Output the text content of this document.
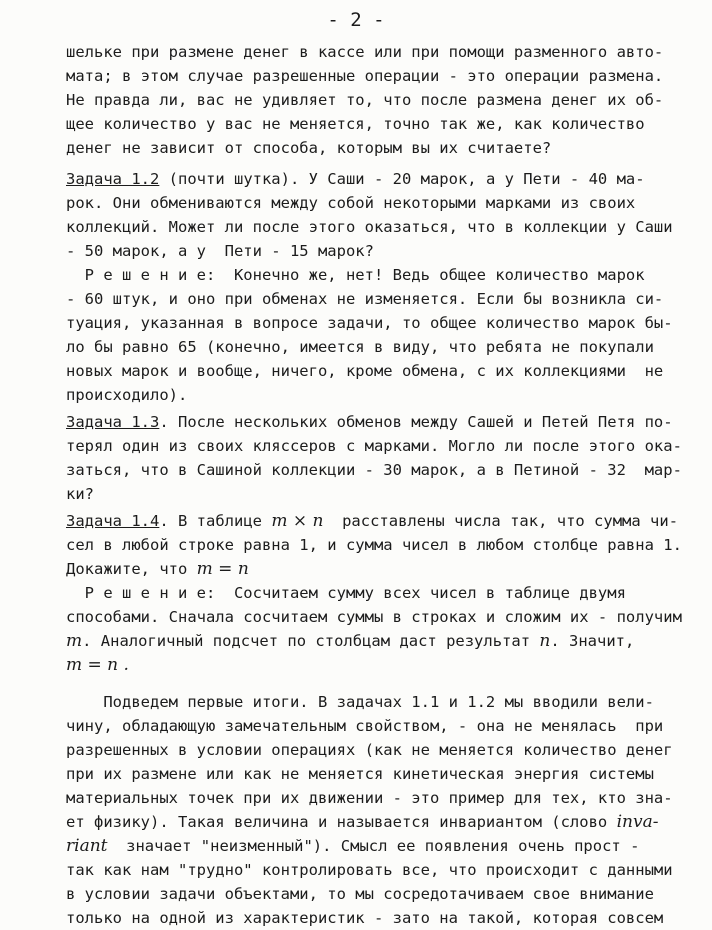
- 2 -
шельке при размене денег в кассе или при помощи разменного авто-
мата; в этом случае разрешенные операции - это операции размена.
Не правда ли, вас не удивляет то, что после размена денег их об-
щее количество у вас не меняется, точно так же, как количество
денег не зависит от способа, которым вы их считаете?
Задача 1.2 (почти шутка). У Саши - 20 марок, а у Пети - 40 ма-
рок. Они обмениваются между собой некоторыми марками из своих
коллекций. Может ли после этого оказаться, что в коллекции у Саши
- 50 марок, а у  Пети - 15 марок?
Р е ш е н и е:  Конечно же, нет! Ведь общее количество марок
- 60 штук, и оно при обменах не изменяется. Если бы возникла си-
туация, указанная в вопросе задачи, то общее количество марок бы-
ло бы равно 65 (конечно, имеется в виду, что ребята не покупали
новых марок и вообще, ничего, кроме обмена, с их коллекциями  не
происходило).
Задача 1.3. После нескольких обменов между Сашей и Петей Петя по-
терял один из своих кляссеров с марками. Могло ли после этого ока-
заться, что в Сашиной коллекции - 30 марок, а в Петиной - 32  мар-
ки?
Задача 1.4. В таблице m × n  расставлены числа так, что сумма чи-
сел в любой строке равна 1, и сумма чисел в любом столбце равна 1.
Докажите, что m = n
Р е ш е н и е:  Сосчитаем сумму всех чисел в таблице двумя
способами. Сначала сосчитаем суммы в строках и сложим их - получим
m. Аналогичный подсчет по столбцам даст результат n. Значит,
m = n .
Подведем первые итоги. В задачах 1.1 и 1.2 мы вводили вели-
чину, обладающую замечательным свойством, - она не менялась  при
разрешенных в условии операциях (как не меняется количество денег
при их размене или как не меняется кинетическая энергия системы
материальных точек при их движении - это пример для тех, кто зна-
ет физику). Такая величина и называется инвариантом (слово inva-
riant  значает "неизменный"). Смысл ее появления очень прост -
так как нам "трудно" контролировать все, что происходит с данными
в условии задачи объектами, то мы сосредотачиваем свое внимание
только на одной из характеристик - зато на такой, которая совсем
